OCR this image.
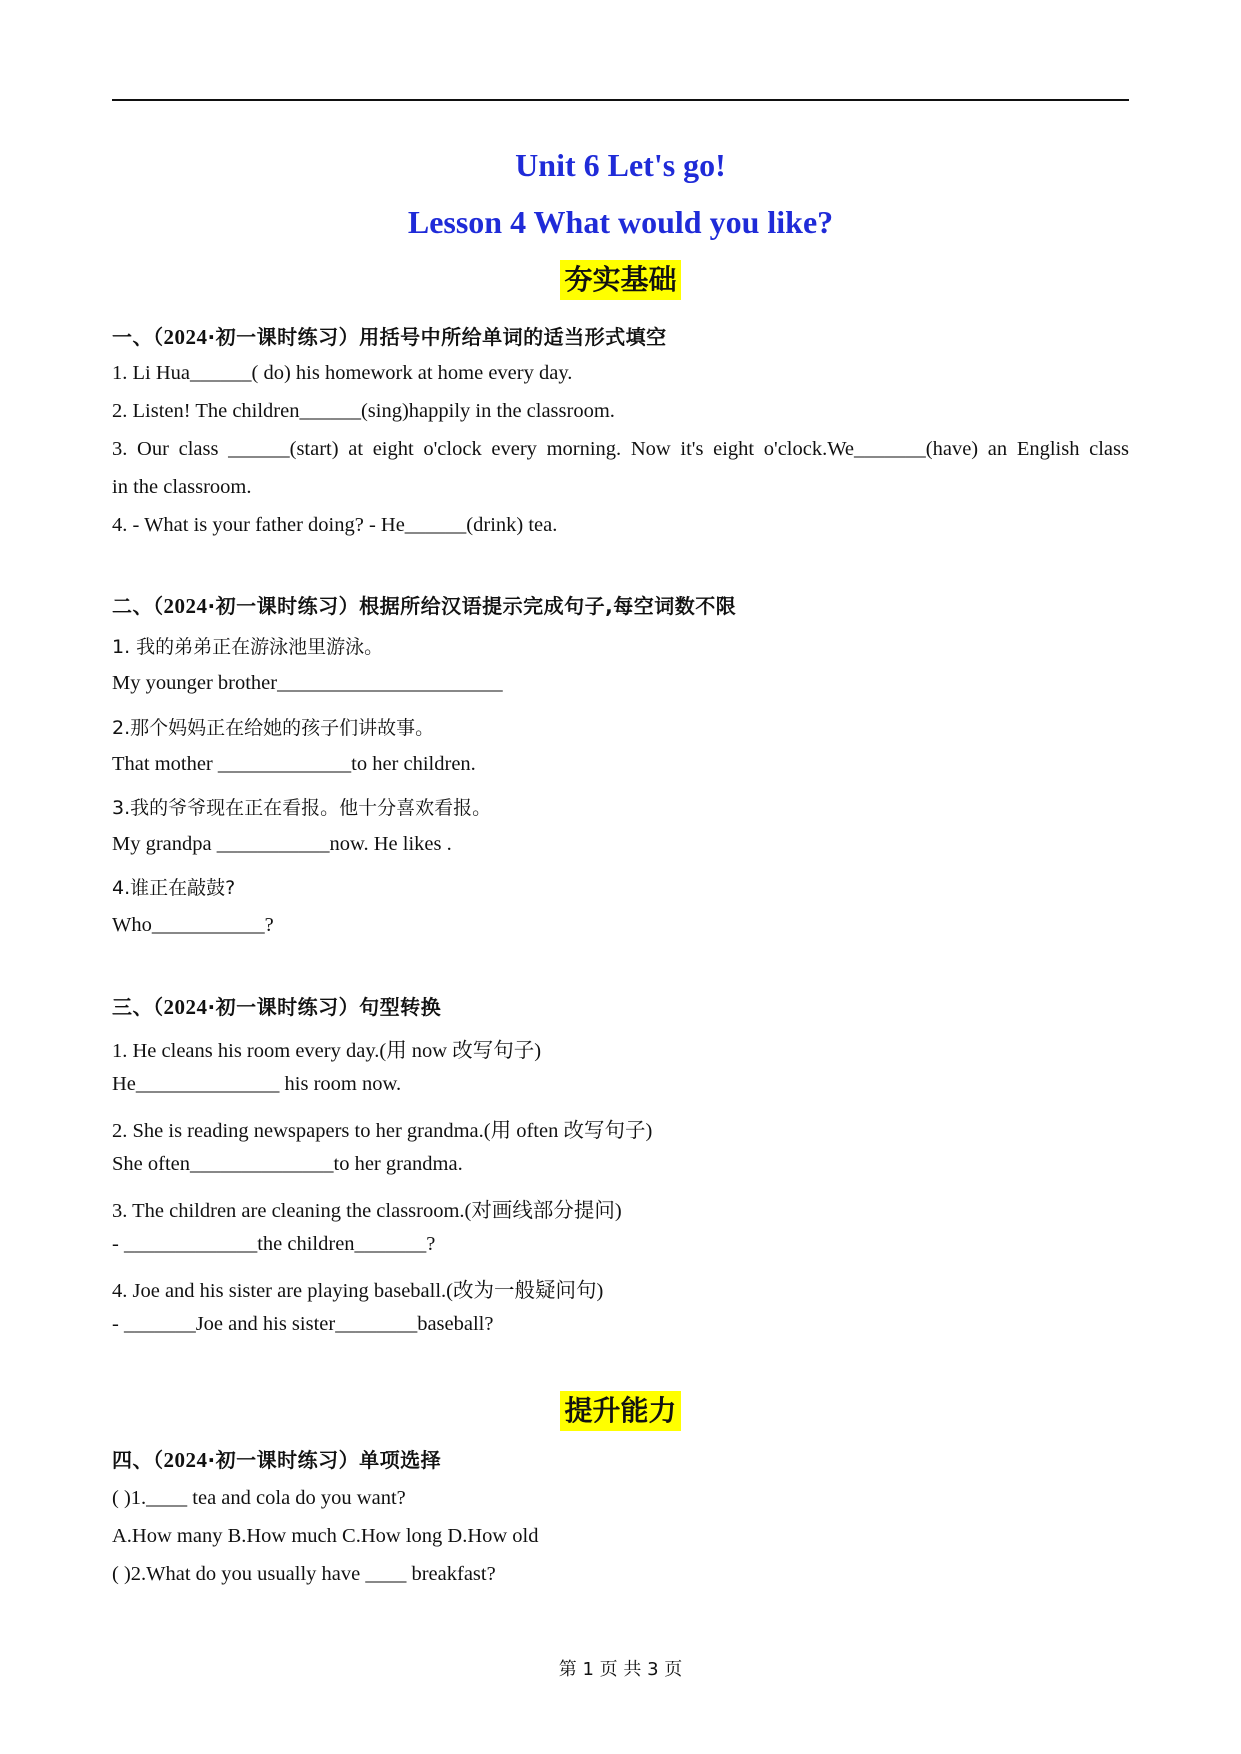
Unit 6 Let's go!
Lesson 4 What would you like?
夯实基础
一、（2024·初一课时练习）用括号中所给单词的适当形式填空
1. Li Hua______( do) his homework at home every day.
2. Listen! The children______(sing)happily in the classroom.
3. Our class ______(start) at eight o'clock every morning. Now it's eight o'clock.We_______(have) an English class
in the classroom.
4. - What is your father doing? - He______(drink) tea.
二、（2024·初一课时练习）根据所给汉语提示完成句子,每空词数不限
1. 我的弟弟正在游泳池里游泳。
My younger brother______________________
2.那个妈妈正在给她的孩子们讲故事。
That mother _____________to her children.
3.我的爷爷现在正在看报。他十分喜欢看报。
My grandpa ___________now. He likes .
4.谁正在敲鼓?
Who___________?
三、（2024·初一课时练习）句型转换
1. He cleans his room every day.(用 now 改写句子)
He______________ his room now.
2. She is reading newspapers to her grandma.(用 often 改写句子)
She often______________to her grandma.
3. The children are cleaning the classroom.(对画线部分提问)
- _____________the children_______?
4. Joe and his sister are playing baseball.(改为一般疑问句)
- _______Joe and his sister________baseball?
提升能力
四、（2024·初一课时练习）单项选择
( )1.____ tea and cola do you want?
A.How many B.How much C.How long D.How old
( )2.What do you usually have ____ breakfast?
第 1 页 共 3 页
